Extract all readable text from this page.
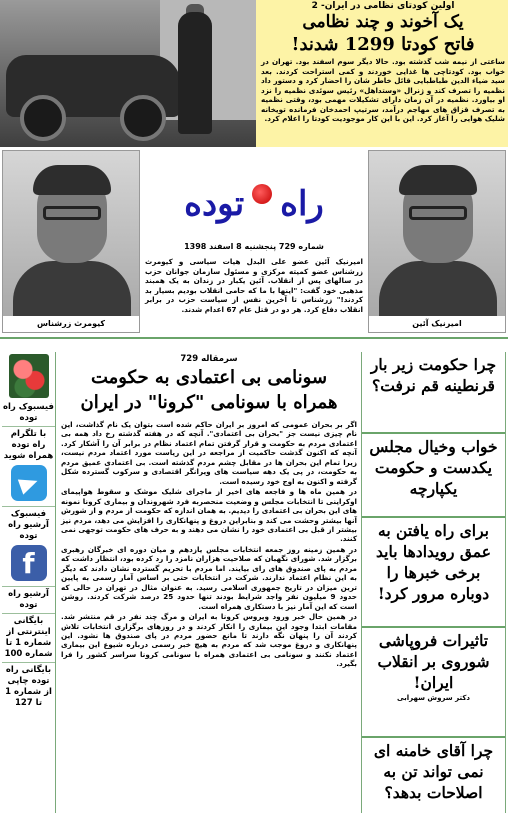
اولین کودتای نظامی در ایران- 2
یک آخوند و چند نظامی
فاتح کودتا 1299 شدند!
ساعتی از نیمه شب گذشته بود. حالا دیگر سوم اسفند بود. تهران در خواب بود. کودتاچی ها غذایی خوردند و کمی استراحت کردند. بعد سید ضیاء الدین طباطبایی قائل خاطر شان را احضار کرد و دستور داد نظمیه را تصرف کند و ژنرال «وستداهل» رئیس سوئدی نظمیه را نزد او بیاورد. نظمیه در آن زمان دارای تشکیلات مهمی بود، وقتی نظمیه به تصرف قزاق های مهاجم درآمد، سرتیپ احمدخان فرمانده تویخانه شلیک هوایی را آغاز کرد. این با این کار موجودیت کودتا را اعلام کرد.
کیومرث زرشناس
راه
توده
شماره 729 پنجشنبه 8 اسفند 1398
امیرنیک آئین عضو علی البدل هیات سیاسی و کیومرث زرشناس عضو کمیته مرکزی و مسئول سازمان جوانان حزب در سالهای پس از انقلاب. آئین یکبار در زندان به یک همبند مذهبی خود گفت: "اینها با ما که حامی انقلاب بودیم بسیار بد کردند!" زرشناس تا آخرین نفس از سیاست حزب در برابر انقلاب دفاع کرد. هر دو در قتل عام 67 اعدام شدند.
امیرنیک آئین
چرا حکومت زیر بار قرنطینه قم نرفت؟
خواب وخیال مجلس یکدست و حکومت یکپارچه
برای راه یافتن به عمق رویدادها باید برخی خبرها را دوباره مرور کرد!
تاثیرات فروپاشی شوروی بر انقلاب ایران!
دکتر سروش سهرابی
چرا آقای خامنه ای نمی تواند تن به اصلاحات بدهد؟
سرمقاله 729
سونامی بی اعتمادی به حکومت
همراه با سونامی "کرونا" در ایران

اگر بر بحران عمومی که امروز بر ایران حاکم شده است بتوان یک نام گذاشت، این نام چیزی نیست جز "بحران بی اعتمادی". آنچه که در هفته گذشته رخ داد همه بی اعتمادی مردم به حکومت و قرار گرفتن تمام اعتماد نظام در برابر آن را آشکار کرد. آنچه که اکنون گذشت حاکمیت از مراجعه در این ریاست مورد اعتماد مردم نیست، زیرا تمام این بحران ها در مقابل چشم مردم گذشته است. بی اعتمادی عمیق مردم به حکومت، در پی یک دهه سیاست های ویرانگر اقتصادی و سرکوب گسترده شکل گرفته و اکنون به اوج خود رسیده است.

در همین ماه ها و فاجعه های اخیر از ماجرای شلیک موشک و سقوط هواپیمای اوکراینی تا انتخابات مجلس و وضعیت منحصربه فرد شهروندان و بیماری کرونا نمونه های این بحران بی اعتمادی را دیدیم. به همان اندازه که حکومت از مردم و از شورش آنها بیشتر وحشت می کند و بنابراین دروغ و پنهانکاری را افزایش می دهد، مردم نیز بیشتر از قبل بی اعتمادی خود را نشان می دهند و به حرف های حکومت توجهی نمی کنند.

در همین زمینه روز جمعه انتخابات مجلس یازدهم و میان دوره ای خبرگان رهبری برگزار شد. شورای نگهبان که صلاحیت هزاران نامزد را رد کرده بود، انتظار داشت که مردم به پای صندوق های رای بیایند. اما مردم با تحریم گسترده نشان دادند که دیگر به این نظام اعتماد ندارند. شرکت در انتخابات حتی بر اساس آمار رسمی به پایین ترین میزان در تاریخ جمهوری اسلامی رسید. به عنوان مثال در تهران در حالی که حدود 9 میلیون نفر واجد شرایط بودند تنها حدود 25 درصد شرکت کردند. روشن است که این آمار نیز با دستکاری همراه است.

در همین حال خبر ورود ویروس کرونا به ایران و مرگ چند نفر در قم منتشر شد. مقامات ابتدا وجود این بیماری را انکار کردند و در روزهای برگزاری انتخابات تلاش کردند آن را پنهان نگه دارند تا مانع حضور مردم در پای صندوق ها نشود. این پنهانکاری و دروغ موجب شد که مردم به هیچ خبر رسمی درباره شیوع این بیماری اعتماد نکنند و سونامی بی اعتمادی همراه با سونامی کرونا سراسر کشور را فرا بگیرد.

فیسبوک راه توده
با تلگرام راه توده همراه شوید
فیسبوک آرشیو راه توده
f
آرشیو راه توده
بایگانی اینترنتی از شماره 1 تا شماره 100
بایگانی راه توده چاپی از شماره 1 تا 127
